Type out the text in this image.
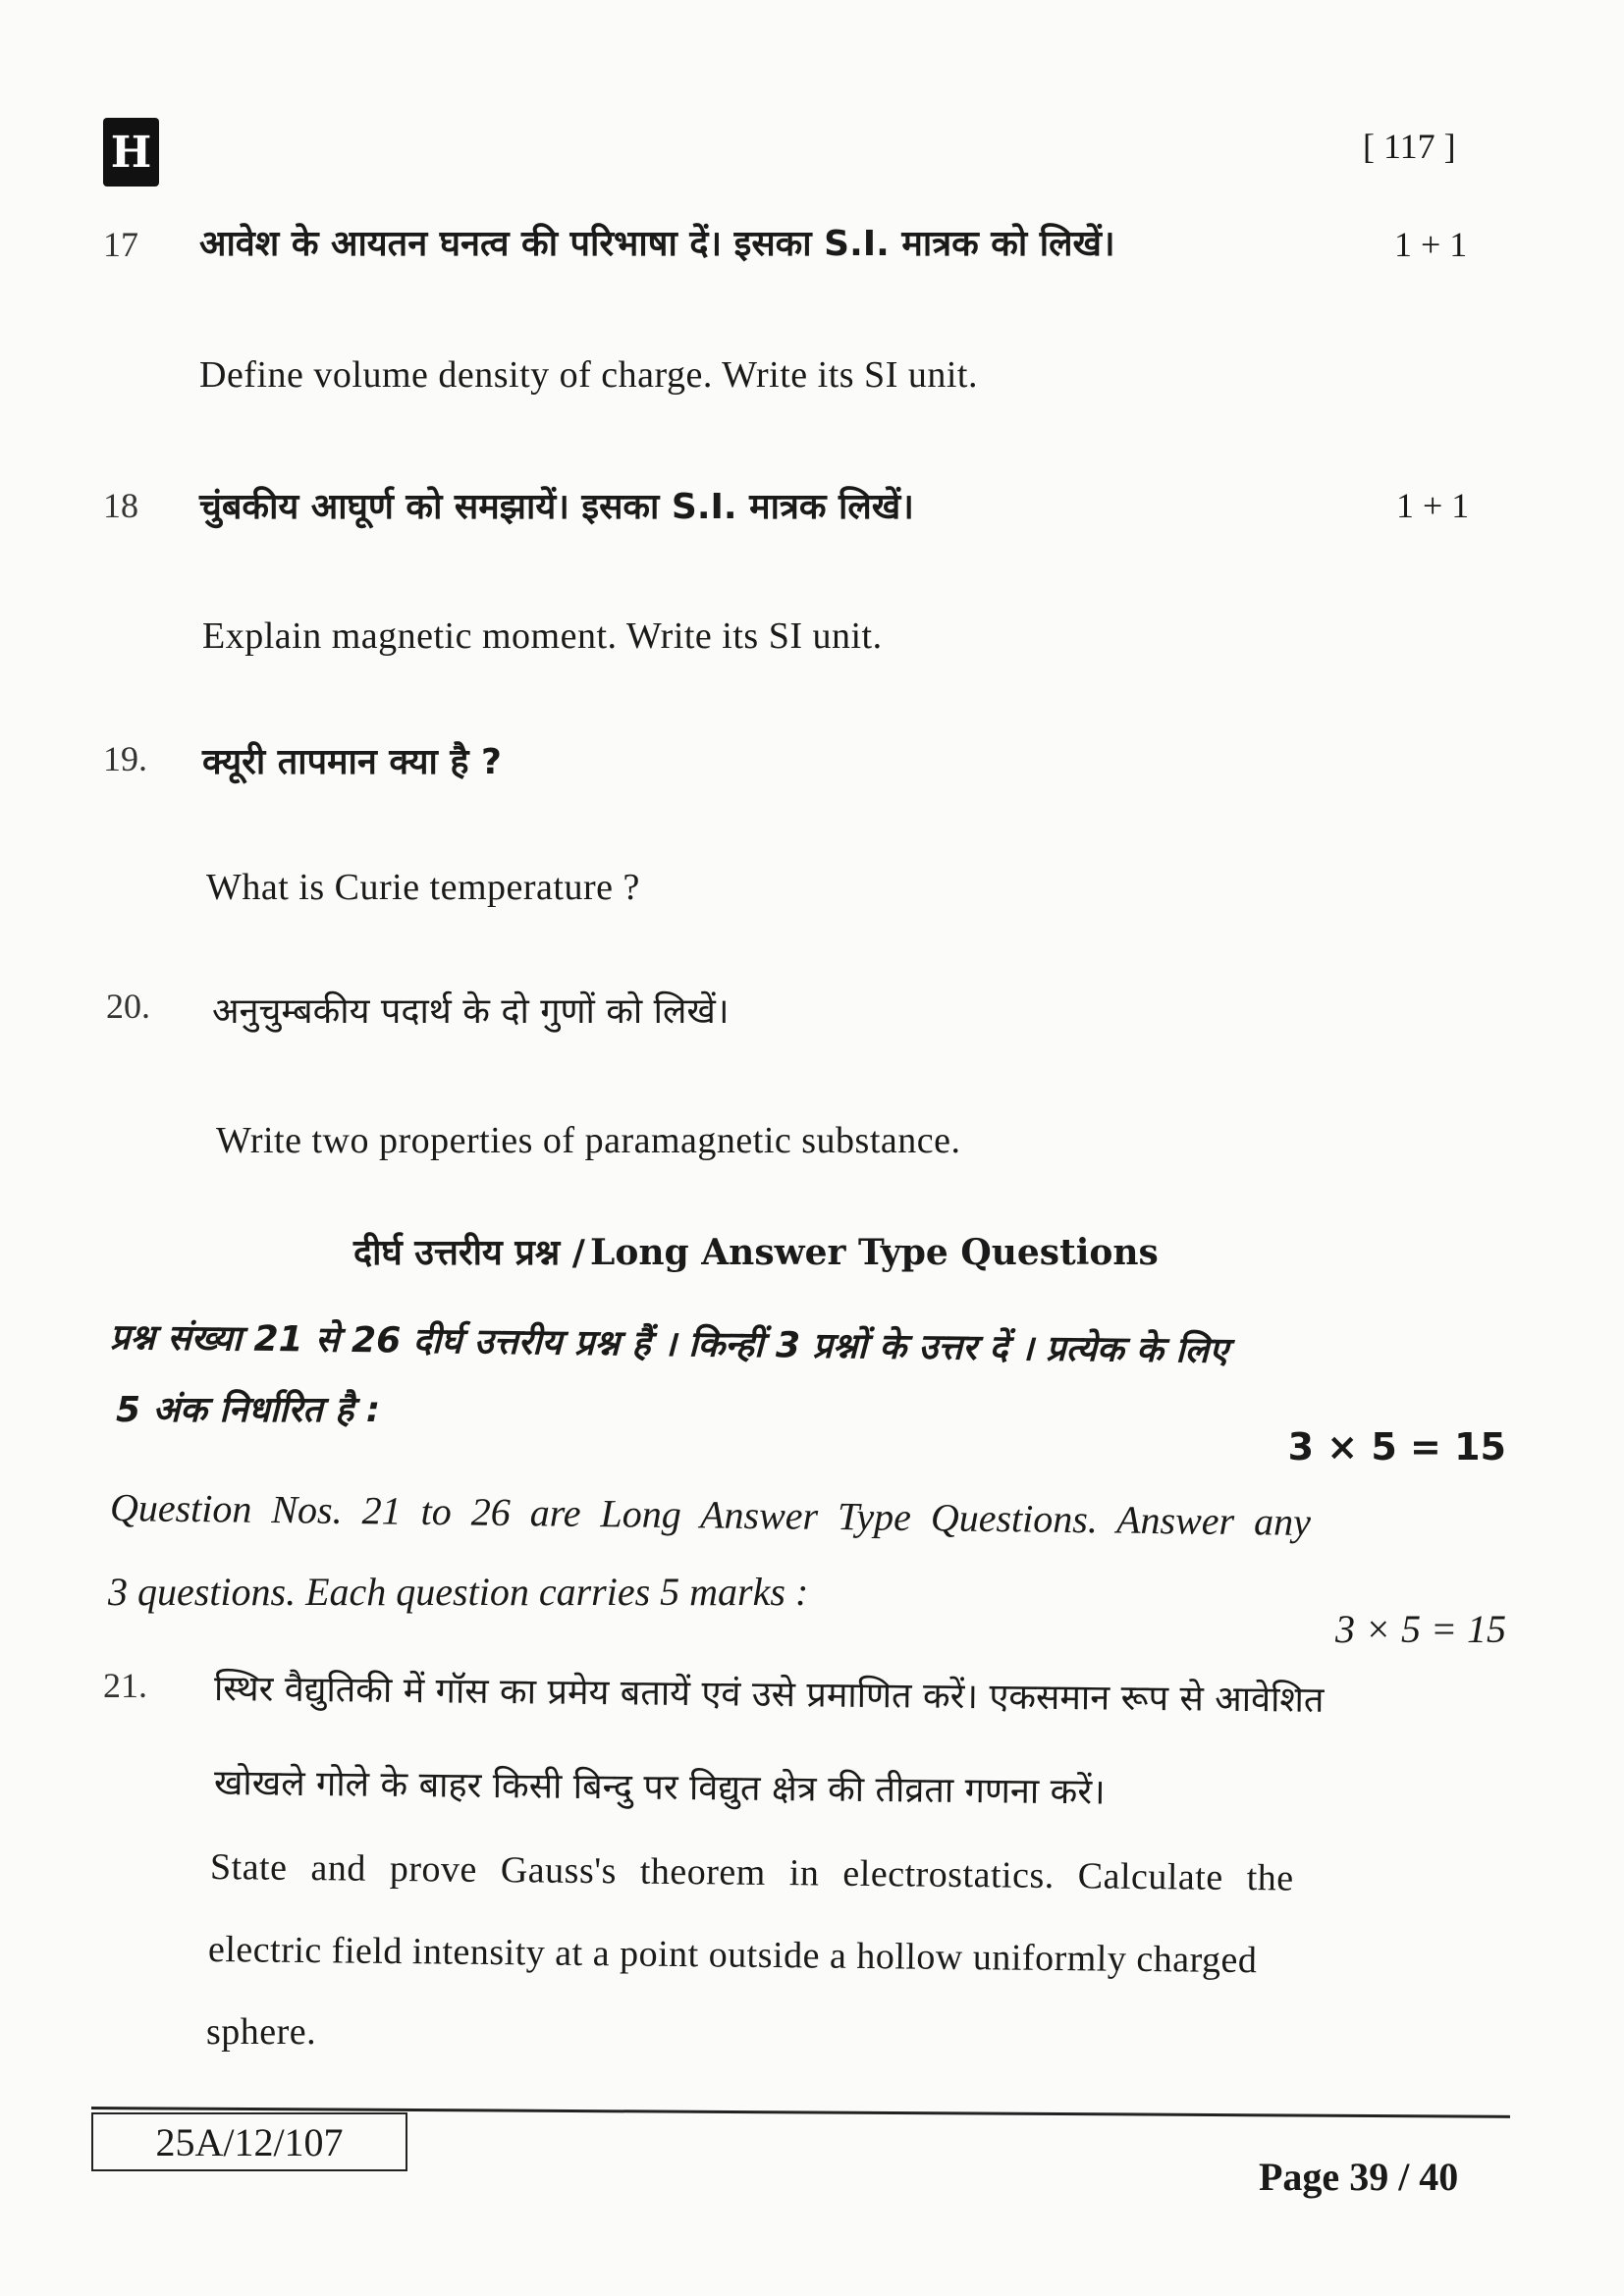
H	[ 117 ]
17 आवेश के आयतन घनत्व की परिभाषा दें। इसका S.I. मात्रक को लिखें।	1 + 1
Define volume density of charge. Write its SI unit.
18 चुंबकीय आघूर्ण को समझायें। इसका S.I. मात्रक लिखें।	1 + 1
Explain magnetic moment. Write its SI unit.
19. क्यूरी तापमान क्या है ?
What is Curie temperature ?
20. अनुचुम्बकीय पदार्थ के दो गुणों को लिखें।
Write two properties of paramagnetic substance.
दीर्घ उत्तरीय प्रश्न / Long Answer Type Questions
प्रश्न संख्या 21 से 26 दीर्घ उत्तरीय प्रश्न हैं । किन्हीं 3 प्रश्नों के उत्तर दें । प्रत्येक के लिए
5 अंक निर्धारित है :
3 × 5 = 15
Question Nos. 21 to 26 are Long Answer Type Questions. Answer any
3 questions. Each question carries 5 marks :
3 × 5 = 15
21. स्थिर वैद्युतिकी में गॉस का प्रमेय बतायें एवं उसे प्रमाणित करें। एकसमान रूप से आवेशित
खोखले गोले के बाहर किसी बिन्दु पर विद्युत क्षेत्र की तीव्रता गणना करें।
State and prove Gauss's theorem in electrostatics. Calculate the
electric field intensity at a point outside a hollow uniformly charged
sphere.
25A/12/107
Page 39 / 40
